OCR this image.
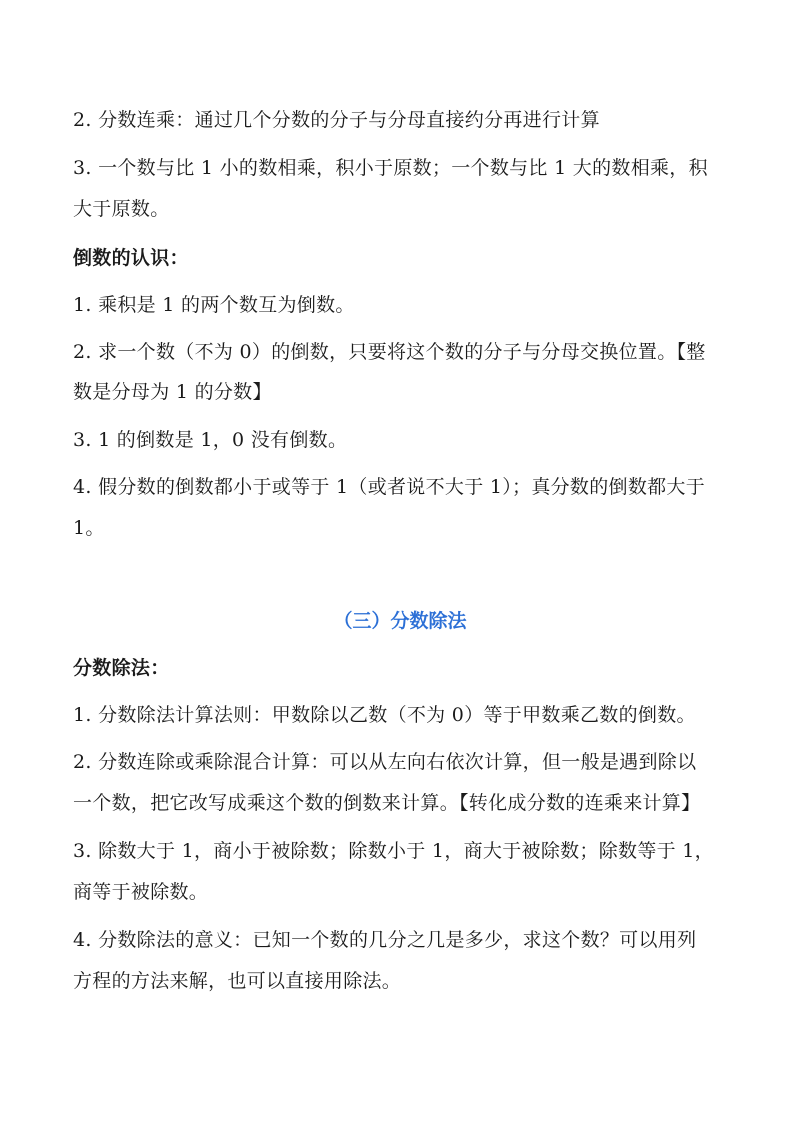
2. 分数连乘：通过几个分数的分子与分母直接约分再进行计算
3. 一个数与比 1 小的数相乘，积小于原数；一个数与比 1 大的数相乘，积
大于原数。
倒数的认识：
1. 乘积是 1 的两个数互为倒数。
2. 求一个数（不为 0）的倒数，只要将这个数的分子与分母交换位置。【整
数是分母为 1 的分数】
3. 1 的倒数是 1，0 没有倒数。
4. 假分数的倒数都小于或等于 1（或者说不大于 1）；真分数的倒数都大于
1。
（三）分数除法
分数除法：
1. 分数除法计算法则：甲数除以乙数（不为 0）等于甲数乘乙数的倒数。
2. 分数连除或乘除混合计算：可以从左向右依次计算，但一般是遇到除以
一个数，把它改写成乘这个数的倒数来计算。【转化成分数的连乘来计算】
3. 除数大于 1，商小于被除数；除数小于 1，商大于被除数；除数等于 1，
商等于被除数。
4. 分数除法的意义：已知一个数的几分之几是多少，求这个数？可以用列
方程的方法来解，也可以直接用除法。
